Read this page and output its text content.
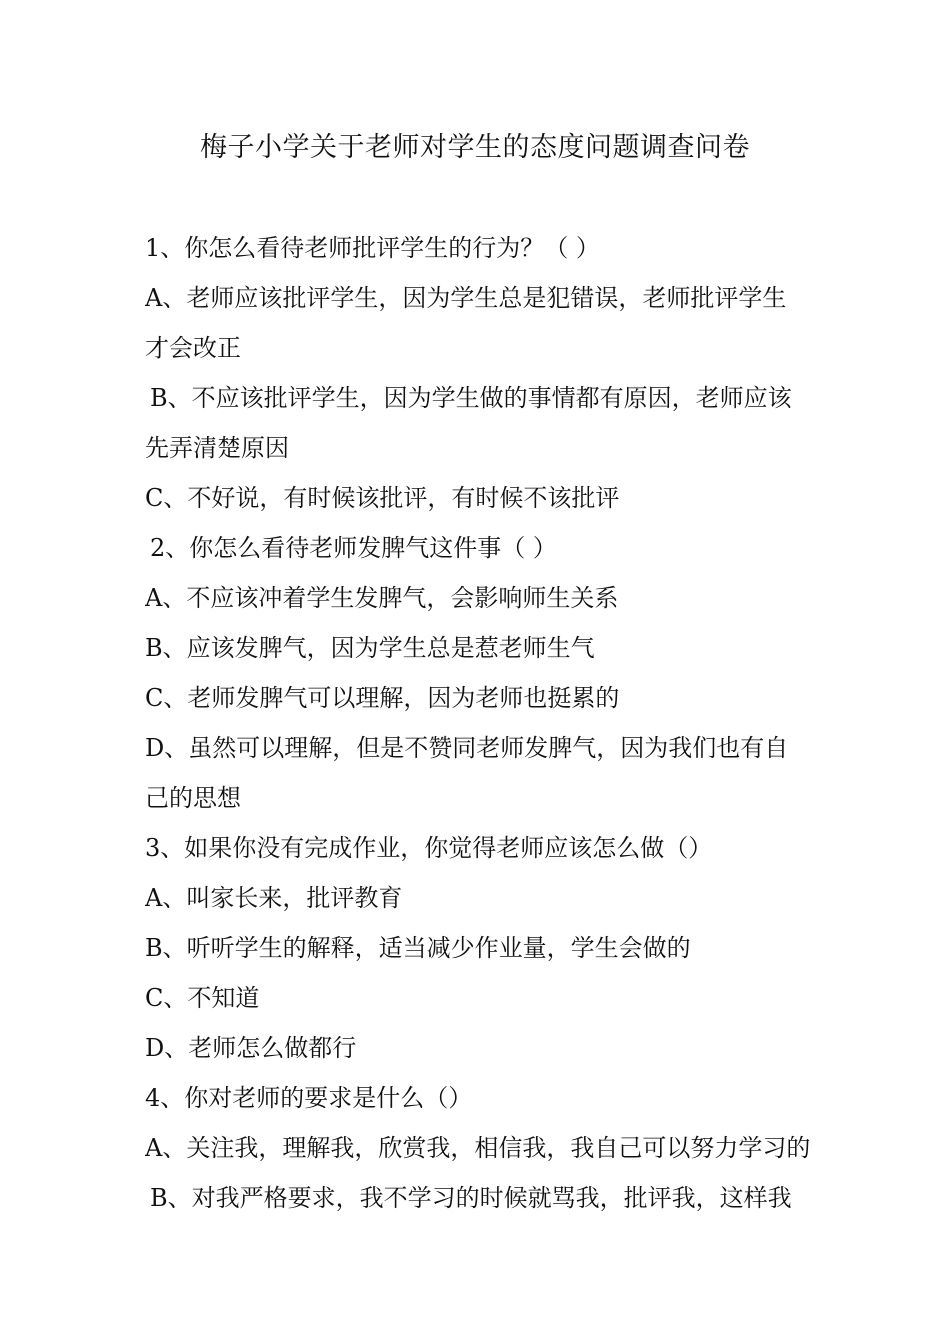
梅子小学关于老师对学生的态度问题调查问卷
1、你怎么看待老师批评学生的行为？（ ）
A、老师应该批评学生，因为学生总是犯错误，老师批评学生
才会改正
B、不应该批评学生，因为学生做的事情都有原因，老师应该
先弄清楚原因
C、不好说，有时候该批评，有时候不该批评
2、你怎么看待老师发脾气这件事（ ）
A、不应该冲着学生发脾气，会影响师生关系
B、应该发脾气，因为学生总是惹老师生气
C、老师发脾气可以理解，因为老师也挺累的
D、虽然可以理解，但是不赞同老师发脾气，因为我们也有自
己的思想
3、如果你没有完成作业，你觉得老师应该怎么做（）
A、叫家长来，批评教育
B、听听学生的解释，适当减少作业量，学生会做的
C、不知道
D、老师怎么做都行
4、你对老师的要求是什么（）
A、关注我，理解我，欣赏我，相信我，我自己可以努力学习的
B、对我严格要求，我不学习的时候就骂我，批评我，这样我
